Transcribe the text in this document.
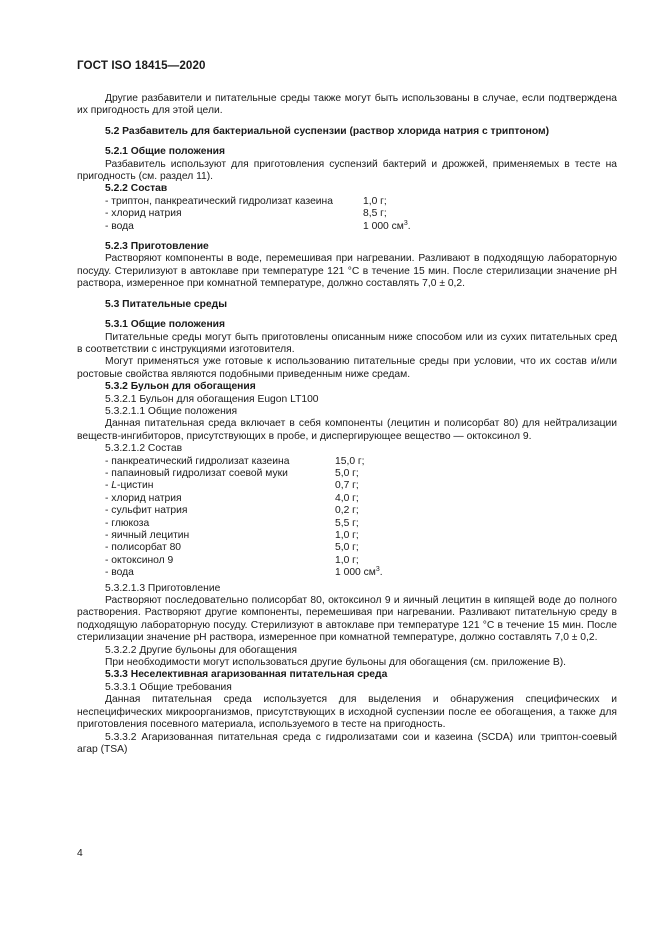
ГОСТ ISO 18415—2020

Другие разбавители и питательные среды также могут быть использованы в случае, если подтверждена их пригодность для этой цели.

5.2 Разбавитель для бактериальной суспензии (раствор хлорида натрия с триптоном)

5.2.1 Общие положения

Разбавитель используют для приготовления суспензий бактерий и дрожжей, применяемых в тесте на пригодность (см. раздел 11).

5.2.2 Состав

- триптон, панкреатический гидролизат казеина	1,0 г;
- хлорид натрия	8,5 г;
- вода	1 000 $см^3$.

5.2.3 Приготовление

Растворяют компоненты в воде, перемешивая при нагревании. Разливают в подходящую лабораторную посуду. Стерилизуют в автоклаве при температуре 121 °С в течение 15 мин. После стерилизации значение рН раствора, измеренное при комнатной температуре, должно составлять 7,0 ± 0,2.

5.3 Питательные среды

5.3.1 Общие положения

Питательные среды могут быть приготовлены описанным ниже способом или из сухих питательных сред в соответствии с инструкциями изготовителя.

Могут применяться уже готовые к использованию питательные среды при условии, что их состав и/или ростовые свойства являются подобными приведенным ниже средам.

5.3.2 Бульон для обогащения

5.3.2.1 Бульон для обогащения Eugon LT100

5.3.2.1.1 Общие положения

Данная питательная среда включает в себя компоненты (лецитин и полисорбат 80) для нейтрализации веществ-ингибиторов, присутствующих в пробе, и диспергирующее вещество — октоксинол 9.

5.3.2.1.2 Состав

- панкреатический гидролизат казеина	15,0 г;
- папаиновый гидролизат соевой муки	5,0 г;
- L-цистин	0,7 г;
- хлорид натрия	4,0 г;
- сульфит натрия	0,2 г;
- глюкоза	5,5 г;
- яичный лецитин	1,0 г;
- полисорбат 80	5,0 г;
- октоксинол 9	1,0 г;
- вода	1 000 $см^3$.

5.3.2.1.3 Приготовление

Растворяют последовательно полисорбат 80, октоксинол 9 и яичный лецитин в кипящей воде до полного растворения. Растворяют другие компоненты, перемешивая при нагревании. Разливают питательную среду в подходящую лабораторную посуду. Стерилизуют в автоклаве при температуре 121 °С в течение 15 мин. После стерилизации значение рН раствора, измеренное при комнатной температуре, должно составлять 7,0 ± 0,2.

5.3.2.2 Другие бульоны для обогащения

При необходимости могут использоваться другие бульоны для обогащения (см. приложение В).

5.3.3 Неселективная агаризованная питательная среда

5.3.3.1 Общие требования

Данная питательная среда используется для выделения и обнаружения специфических и неспецифических микроорганизмов, присутствующих в исходной суспензии после ее обогащения, а также для приготовления посевного материала, используемого в тесте на пригодность.

5.3.3.2 Агаризованная питательная среда с гидролизатами сои и казеина (SCDA) или триптон-соевый агар (TSA)

4
